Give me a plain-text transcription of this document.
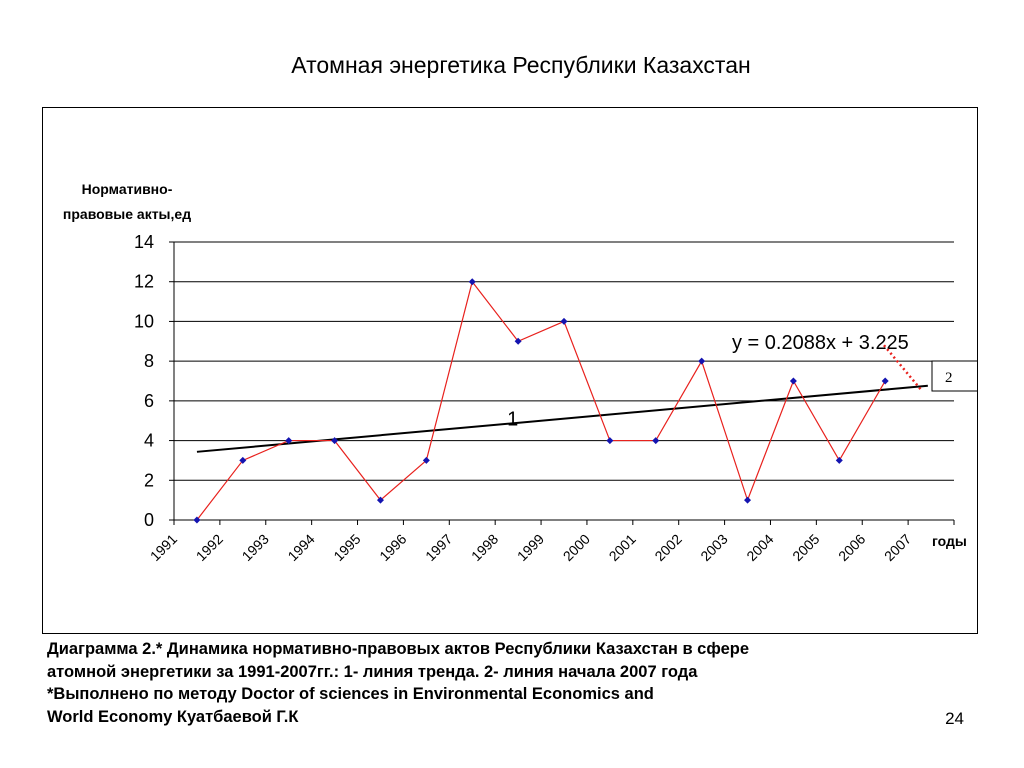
Атомная энергетика Республики Казахстан
0
2
4
6
8
10
12
14
1991 1992 1993 1994 1995 1996 1997 1998 1999 2000 2001 2002 2003 2004 2005 2006 2007
Нормативно-
правовые акты,ед
годы
1
y = 0.2088x + 3.225
2
Диаграмма 2.* Динамика нормативно-правовых актов Республики Казахстан в сфере
атомной энергетики за 1991-2007гг.: 1- линия тренда. 2- линия начала 2007 года
*Выполнено по методу Doctor of sciences in Environmental Economics and
World Economy Куатбаевой Г.К	24
